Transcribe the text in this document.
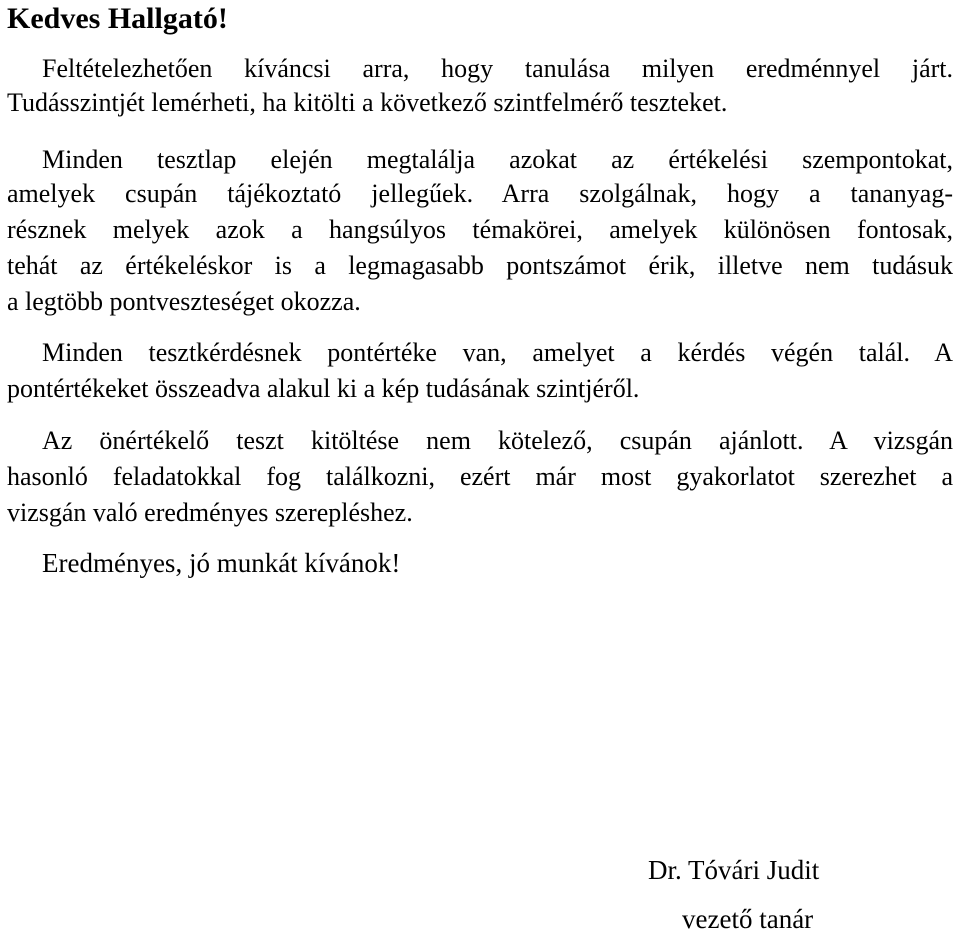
Kedves Hallgató!

Feltételezhetően kíváncsi arra, hogy tanulása milyen eredménnyel járt.

Tudásszintjét lemérheti, ha kitölti a következő szintfelmérő teszteket.

Minden tesztlap elején megtalálja azokat az értékelési szempontokat,

amelyek csupán tájékoztató jellegűek. Arra szolgálnak, hogy a tananyag-

résznek melyek azok a hangsúlyos témakörei, amelyek különösen fontosak,

tehát az értékeléskor is a legmagasabb pontszámot érik, illetve nem tudásuk

a legtöbb pontveszteséget okozza.

Minden tesztkérdésnek pontértéke van, amelyet a kérdés végén talál. A

pontértékeket összeadva alakul ki a kép tudásának szintjéről.

Az önértékelő teszt kitöltése nem kötelező, csupán ajánlott. A vizsgán

hasonló feladatokkal fog találkozni, ezért már most gyakorlatot szerezhet a

vizsgán való eredményes szerepléshez.

Eredményes, jó munkát kívánok!

Dr. Tóvári Judit

vezető tanár
